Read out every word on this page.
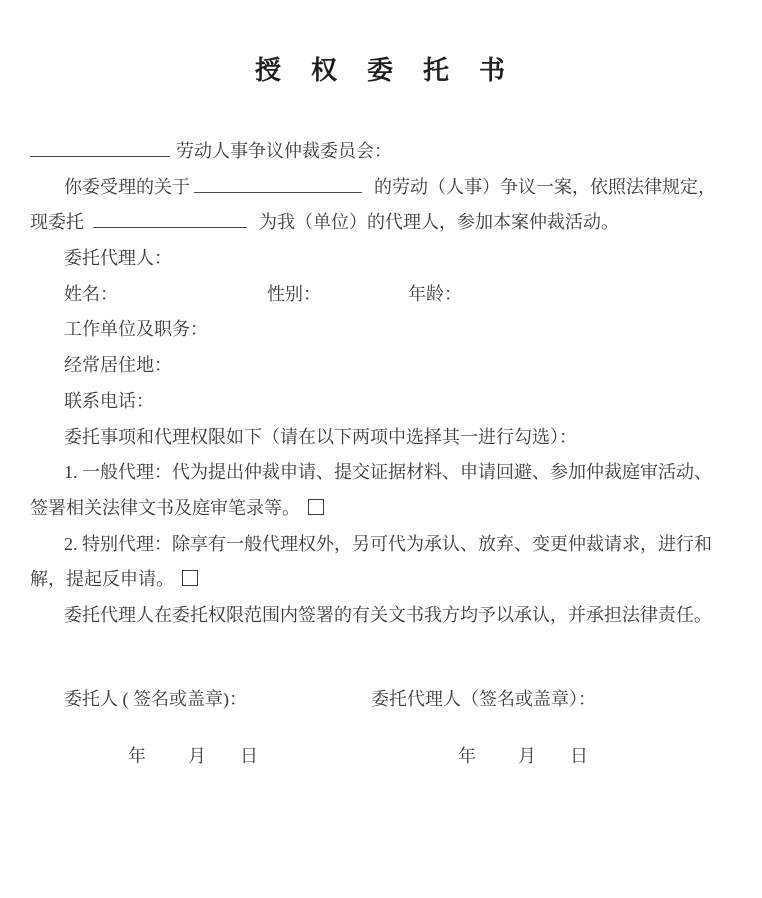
授　权　委　托　书
劳动人事争议仲裁委员会：
你委受理的关于	的劳动（人事）争议一案，依照法律规定，
现委托	为我（单位）的代理人，参加本案仲裁活动。
委托代理人：
姓名：	性别：	年龄：
工作单位及职务：
经常居住地：
联系电话：
委托事项和代理权限如下（请在以下两项中选择其一进行勾选）：
1. 一般代理：代为提出仲裁申请、提交证据材料、申请回避、参加仲裁庭审活动、
签署相关法律文书及庭审笔录等。
2. 特别代理：除享有一般代理权外，另可代为承认、放弃、变更仲裁请求，进行和
解，提起反申请。
委托代理人在委托权限范围内签署的有关文书我方均予以承认，并承担法律责任。
委托人 ( 签名或盖章)：	委托代理人（签名或盖章）：
年 月 日	年 月 日
